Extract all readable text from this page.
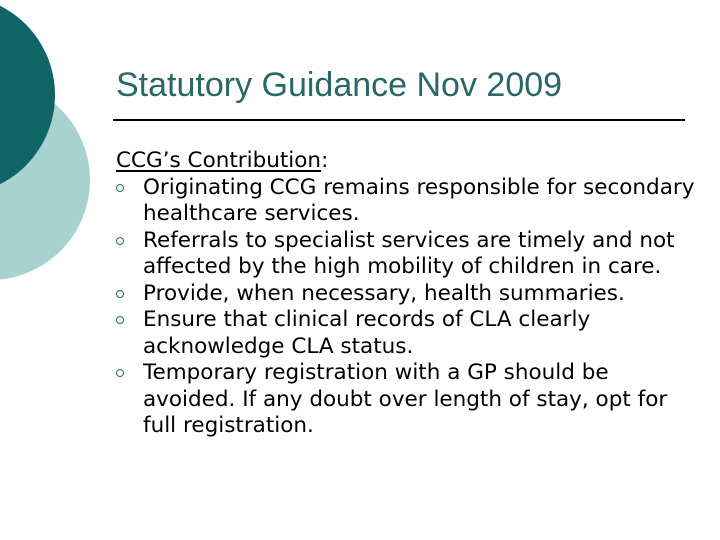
Statutory Guidance Nov 2009
CCG’s Contribution:
Originating CCG remains responsible for secondary healthcare services.
Referrals to specialist services are timely and not affected by the high mobility of children in care.
Provide, when necessary, health summaries.
Ensure that clinical records of CLA clearly acknowledge CLA status.
Temporary registration with a GP should be avoided. If any doubt over length of stay, opt for full registration.
